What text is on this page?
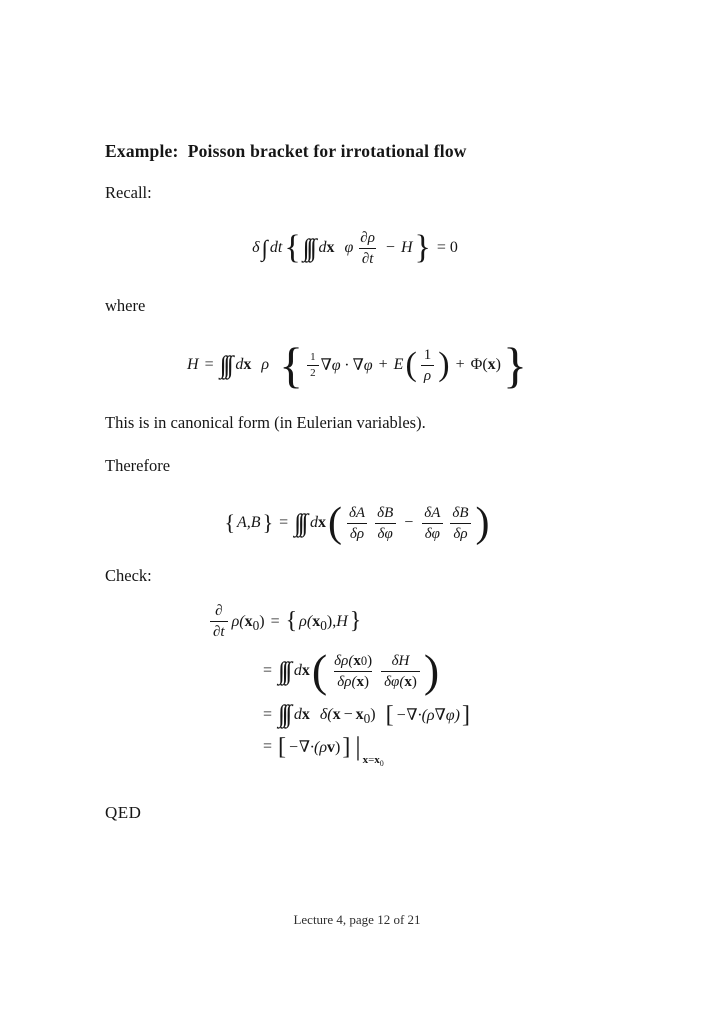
Example:  Poisson bracket for irrotational flow
Recall:
δ ∫ dt { ∫∫∫ dx φ $\frac{\partial\rho}{\partial t} - H$ } = 0
where
H = ∫∫∫ dx ρ { $\frac{1}{2} \nabla\varphi \cdot \nabla\varphi + E$ ( $\frac{1}{\rho}$ ) + Φ(x) }
This is in canonical form (in Eulerian variables).
Therefore
{ A,B } = ∫∫∫ dx ( $\frac{\delta A}{\delta\rho} \frac{\delta B}{\delta\varphi} - \frac{\delta A}{\delta\varphi} \frac{\delta B}{\delta\rho}$ )
Check:
$\frac{\partial}{\partial t} \rho(x_0)$ = { $\rho(x_0),H$ }
= ∫∫∫ dx ( $\frac{\delta\rho( x 0 )}{\delta\rho( x )} \frac{\delta H}{\delta\varphi( x )}$ )
= ∫∫∫ dx $\delta(x - x_0)$ [ −∇·(ρ∇φ) ]
= [ −∇·(ρv) ] | $x=x_0$
QED
Lecture 4, page 12 of 21
